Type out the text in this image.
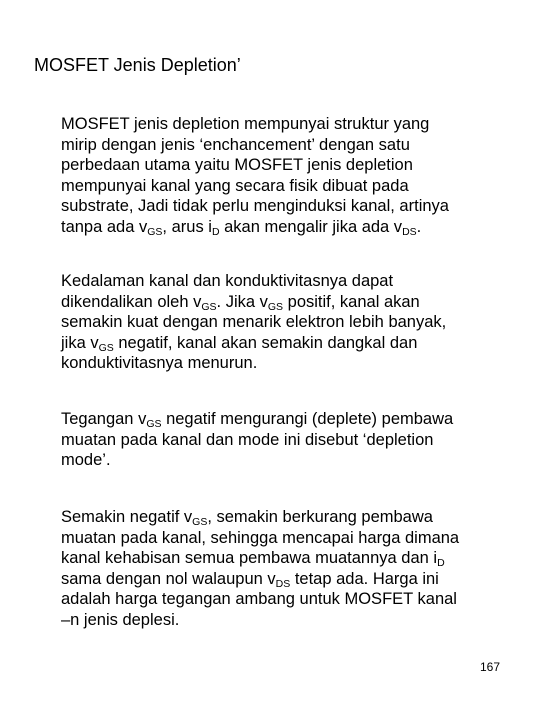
MOSFET Jenis Depletion’
MOSFET jenis depletion mempunyai struktur yang
mirip dengan jenis ‘enchancement’ dengan satu
perbedaan utama yaitu MOSFET jenis depletion
mempunyai kanal yang secara fisik dibuat pada
substrate, Jadi tidak perlu menginduksi kanal, artinya
tanpa ada $v_{GS}$, arus $i_D$ akan mengalir jika ada $v_{DS}$.
Kedalaman kanal dan konduktivitasnya dapat
dikendalikan oleh $v_{GS}$. Jika $v_{GS}$ positif, kanal akan
semakin kuat dengan menarik elektron lebih banyak,
jika $v_{GS}$ negatif, kanal akan semakin dangkal dan
konduktivitasnya menurun.
Tegangan $v_{GS}$ negatif mengurangi (deplete) pembawa
muatan pada kanal dan mode ini disebut ‘depletion
mode’.
Semakin negatif $v_{GS}$, semakin berkurang pembawa
muatan pada kanal, sehingga mencapai harga dimana
kanal kehabisan semua pembawa muatannya dan $i_D$
sama dengan nol walaupun $v_{DS}$ tetap ada. Harga ini
adalah harga tegangan ambang untuk MOSFET kanal
–n jenis deplesi.
167
